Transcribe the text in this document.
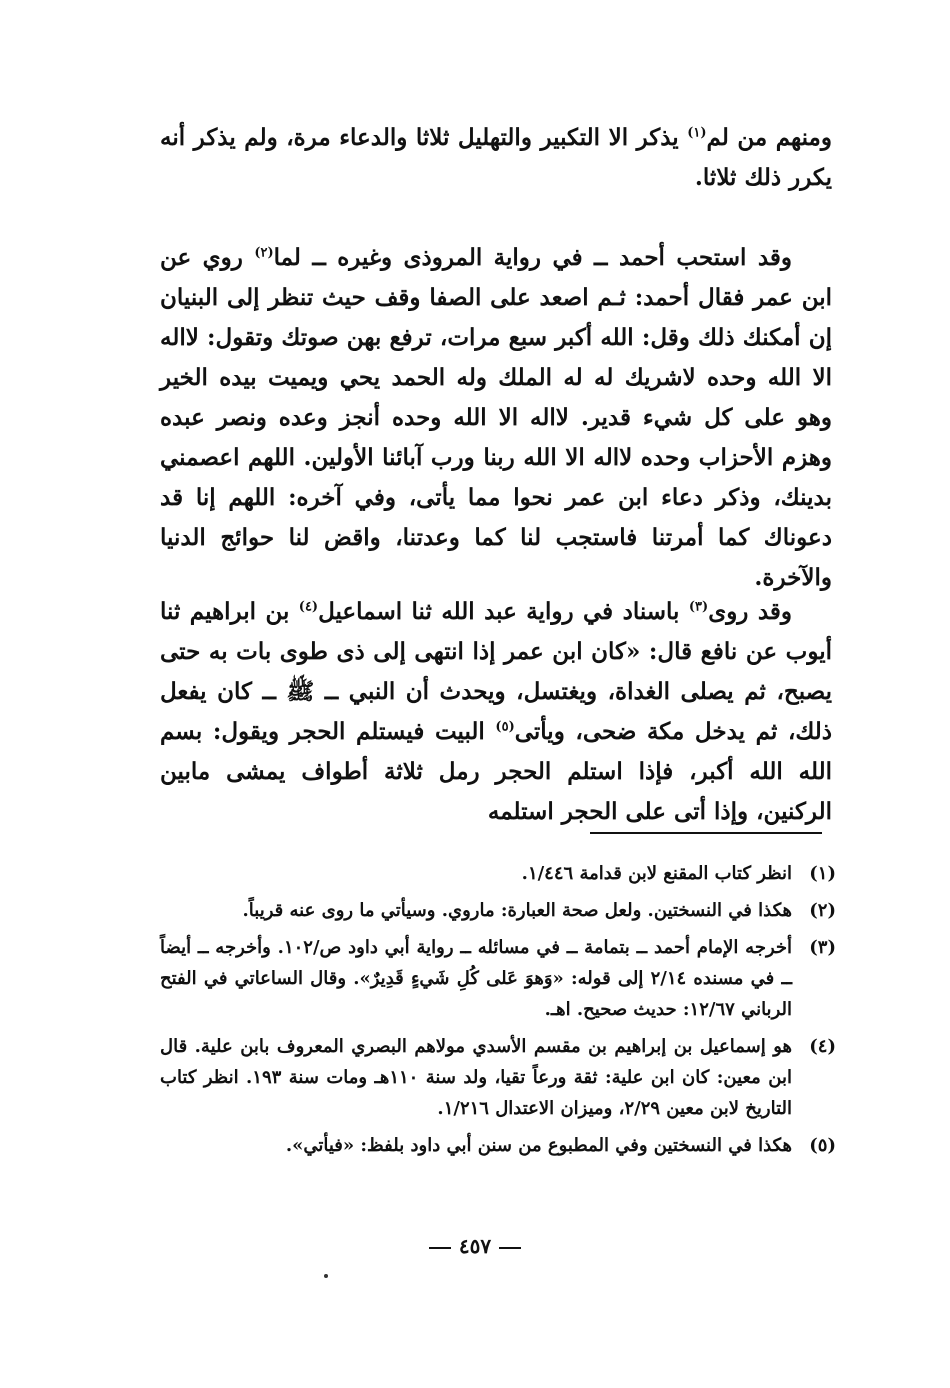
ومنهم من لم$^{(١)}$ يذكر الا التكبير والتهليل ثلاثا والدعاء مرة، ولم يذكر أنه يكرر ذلك ثلاثا.

وقد استحب أحمد ــ في رواية المروذى وغيره ــ لما$^{(٢)}$ روي عن ابن عمر فقال أحمد: ثـم اصعد على الصفا وقف حيث تنظر إلى البنيان إن أمكنك ذلك وقل: الله أكبر سبع مرات، ترفع بهن صوتك وتقول: لااله الا الله وحده لاشريك له له الملك وله الحمد يحي ويميت بيده الخير وهو على كل شيء قدير. لااله الا الله وحده أنجز وعده ونصر عبده وهزم الأحزاب وحده لااله الا الله ربنا ورب آبائنا الأولين. اللهم اعصمني بدينك، وذكر دعاء ابن عمر نحوا مما يأتى، وفي آخره: اللهم إنا قد دعوناك كما أمرتنا فاستجب لنا كما وعدتنا، واقض لنا حوائج الدنيا والآخرة.

وقد روى$^{(٣)}$ باسناد في رواية عبد الله ثنا اسماعيل$^{(٤)}$ بن ابراهيم ثنا أيوب عن نافع قال: «كان ابن عمر إذا انتهى إلى ذى طوى بات به حتى يصبح، ثم يصلى الغداة، ويغتسل، ويحدث أن النبي ــ ﷺ ــ كان يفعل ذلك، ثم يدخل مكة ضحى، ويأتى$^{(٥)}$ البيت فيستلم الحجر ويقول: بسم الله الله أكبر، فإذا استلم الحجر رمل ثلاثة أطواف يمشى مابين الركنين، وإذا أتى على الحجر استلمه

(١)
انظر كتاب المقنع لابن قدامة ١/٤٤٦.
(٢)
هكذا في النسختين. ولعل صحة العبارة: ماروي. وسيأتي ما روى عنه قريباً.
(٣)
أخرجه الإمام أحمد ــ بتمامة ــ في مسائله ــ رواية أبي داود ص/١٠٢. وأخرجه ــ أيضاً ــ في مسنده ٢/١٤ إلى قوله: «وَهوَ عَلى كُلِ شَيءٍ قَدِيرٌ». وقال الساعاتي في الفتح الرباني ١٢/٦٧: حديث صحيح. اهـ.
(٤)
هو إسماعيل بن إبراهيم بن مقسم الأسدي مولاهم البصري المعروف بابن علية. قال ابن معين: كان ابن علية: ثقة ورعاً تقيا، ولد سنة ١١٠هـ ومات سنة ١٩٣. انظر كتاب التاريخ لابن معين ٢/٢٩، وميزان الاعتدال ١/٢١٦.
(٥)
هكذا في النسختين وفي المطبوع من سنن أبي داود بلفظ: «فيأتي».
٤٥٧
